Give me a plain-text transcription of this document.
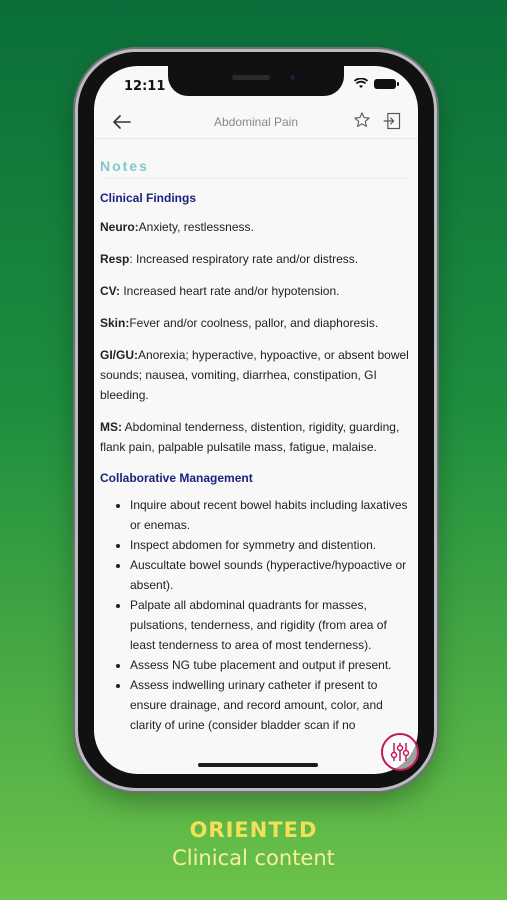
12:11
Abdominal Pain
Notes
Clinical Findings
Neuro:Anxiety, restlessness.
Resp: Increased respiratory rate and/or distress.
CV: Increased heart rate and/or hypotension.
Skin:Fever and/or coolness, pallor, and diaphoresis.
GI/GU:Anorexia; hyperactive, hypoactive, or absent bowel sounds; nausea, vomiting, diarrhea, constipation, GI bleeding.
MS: Abdominal tenderness, distention, rigidity, guarding, flank pain, palpable pulsatile mass, fatigue, malaise.
Collaborative Management
• Inquire about recent bowel habits including laxatives or enemas.
• Inspect abdomen for symmetry and distention.
• Auscultate bowel sounds (hyperactive/hypoactive or absent).
• Palpate all abdominal quadrants for masses, pulsations, tenderness, and rigidity (from area of least tenderness to area of most tenderness).
• Assess NG tube placement and output if present.
• Assess indwelling urinary catheter if present to ensure drainage, and record amount, color, and clarity of urine (consider bladder scan if no
ORIENTED
Clinical content
